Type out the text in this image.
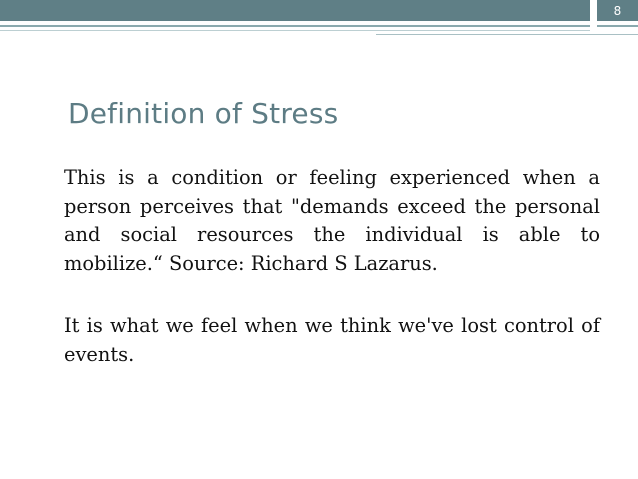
8
Definition of Stress
This is a condition or feeling experienced when a person perceives that "demands exceed the personal and social resources the individual is able to mobilize.“ Source: Richard S Lazarus.
It is what we feel when we think we've lost control of events.
